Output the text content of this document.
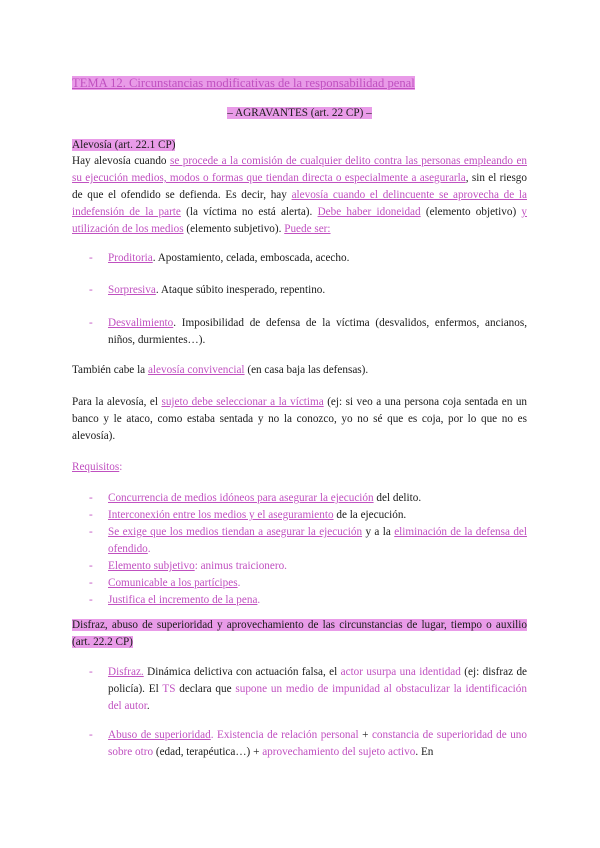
TEMA 12. Circunstancias modificativas de la responsabilidad penal
– AGRAVANTES (art. 22 CP) –
Alevosía (art. 22.1 CP)
Hay alevosía cuando se procede a la comisión de cualquier delito contra las personas empleando en su ejecución medios, modos o formas que tiendan directa o especialmente a asegurarla, sin el riesgo de que el ofendido se defienda. Es decir, hay alevosía cuando el delincuente se aprovecha de la indefensión de la parte (la víctima no está alerta). Debe haber idoneidad (elemento objetivo) y utilización de los medios (elemento subjetivo). Puede ser:
- Proditoria. Apostamiento, celada, emboscada, acecho.
- Sorpresiva. Ataque súbito inesperado, repentino.
- Desvalimiento. Imposibilidad de defensa de la víctima (desvalidos, enfermos, ancianos, niños, durmientes…).
También cabe la alevosía convivencial (en casa baja las defensas).
Para la alevosía, el sujeto debe seleccionar a la víctima (ej: si veo a una persona coja sentada en un banco y le ataco, como estaba sentada y no la conozco, yo no sé que es coja, por lo que no es alevosía).
Requisitos:
- Concurrencia de medios idóneos para asegurar la ejecución del delito.
- Interconexión entre los medios y el aseguramiento de la ejecución.
- Se exige que los medios tiendan a asegurar la ejecución y a la eliminación de la defensa del ofendido.
- Elemento subjetivo: animus traicionero.
- Comunicable a los partícipes.
- Justifica el incremento de la pena.
Disfraz, abuso de superioridad y aprovechamiento de las circunstancias de lugar, tiempo o auxilio (art. 22.2 CP)
- Disfraz. Dinámica delictiva con actuación falsa, el actor usurpa una identidad (ej: disfraz de policía). El TS declara que supone un medio de impunidad al obstaculizar la identificación del autor.
- Abuso de superioridad. Existencia de relación personal + constancia de superioridad de uno sobre otro (edad, terapéutica…) + aprovechamiento del sujeto activo. En
